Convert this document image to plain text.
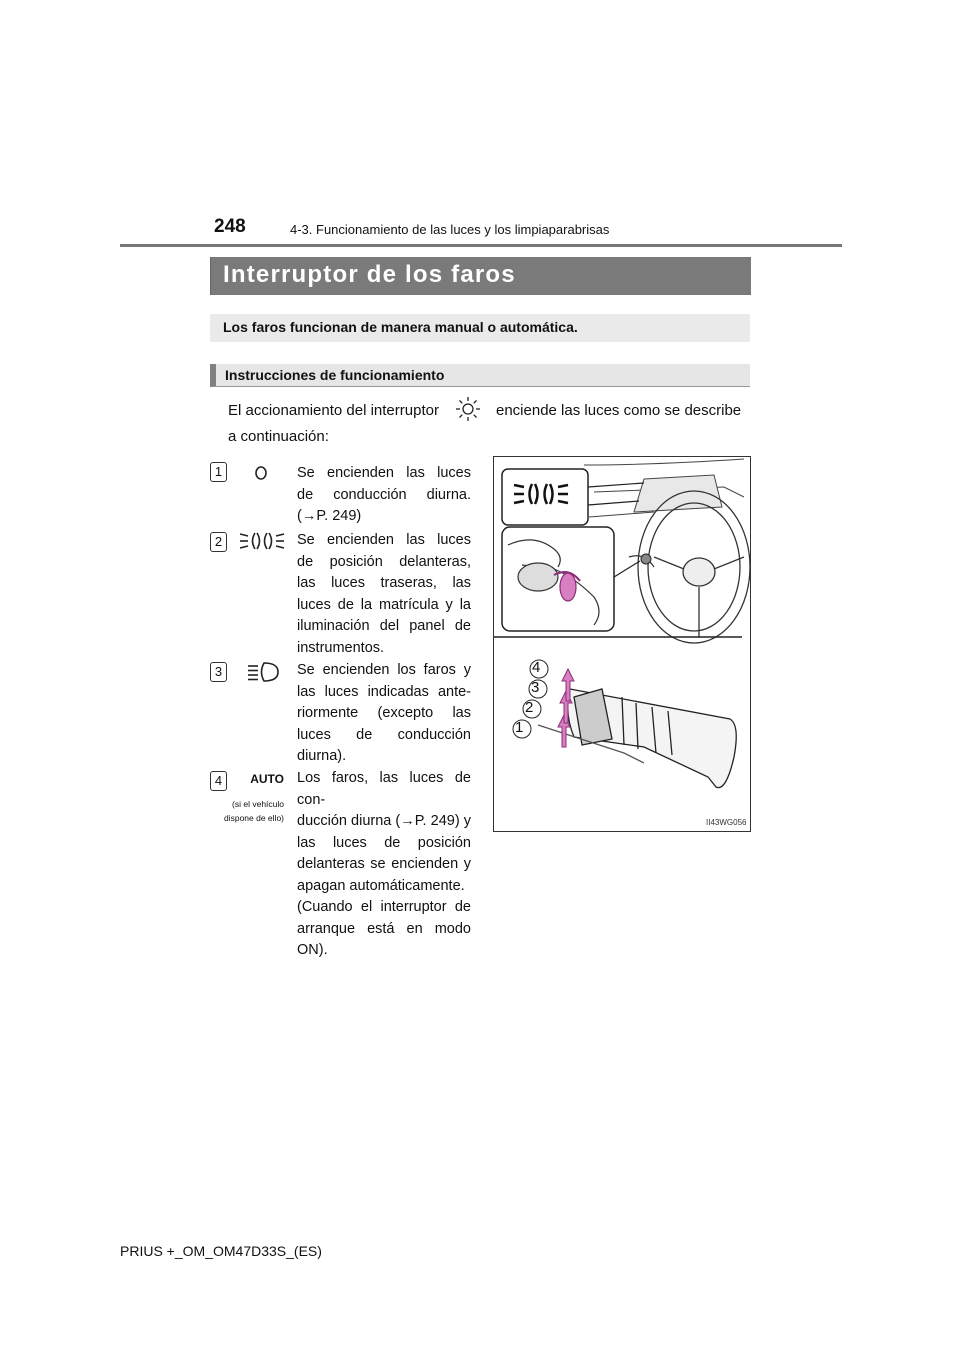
248	4-3. Funcionamiento de las luces y los limpiaparabrisas
Interruptor de los faros
Los faros funcionan de manera manual o automática.
Instrucciones de funcionamiento
El accionamiento del interruptor	enciende las luces como se describe
a continuación:
1	Se encienden las luces
de conducción diurna.
(→P. 249)
2	Se encienden las luces
de posición delanteras,
las luces traseras, las
luces de la matrícula y la
iluminación del panel de
instrumentos.
3	Se encienden los faros y
las luces indicadas ante-
riormente (excepto las
luces de conducción
diurna).
4	AUTO
(si el vehículo
dispone de ello)
Los faros, las luces de con-
ducción diurna (→P. 249) y
las luces de posición
delanteras se encienden y
apagan automáticamente.
(Cuando el interruptor de
arranque está en modo
ON).
4
3
2
1
II43WG056
PRIUS +_OM_OM47D33S_(ES)
